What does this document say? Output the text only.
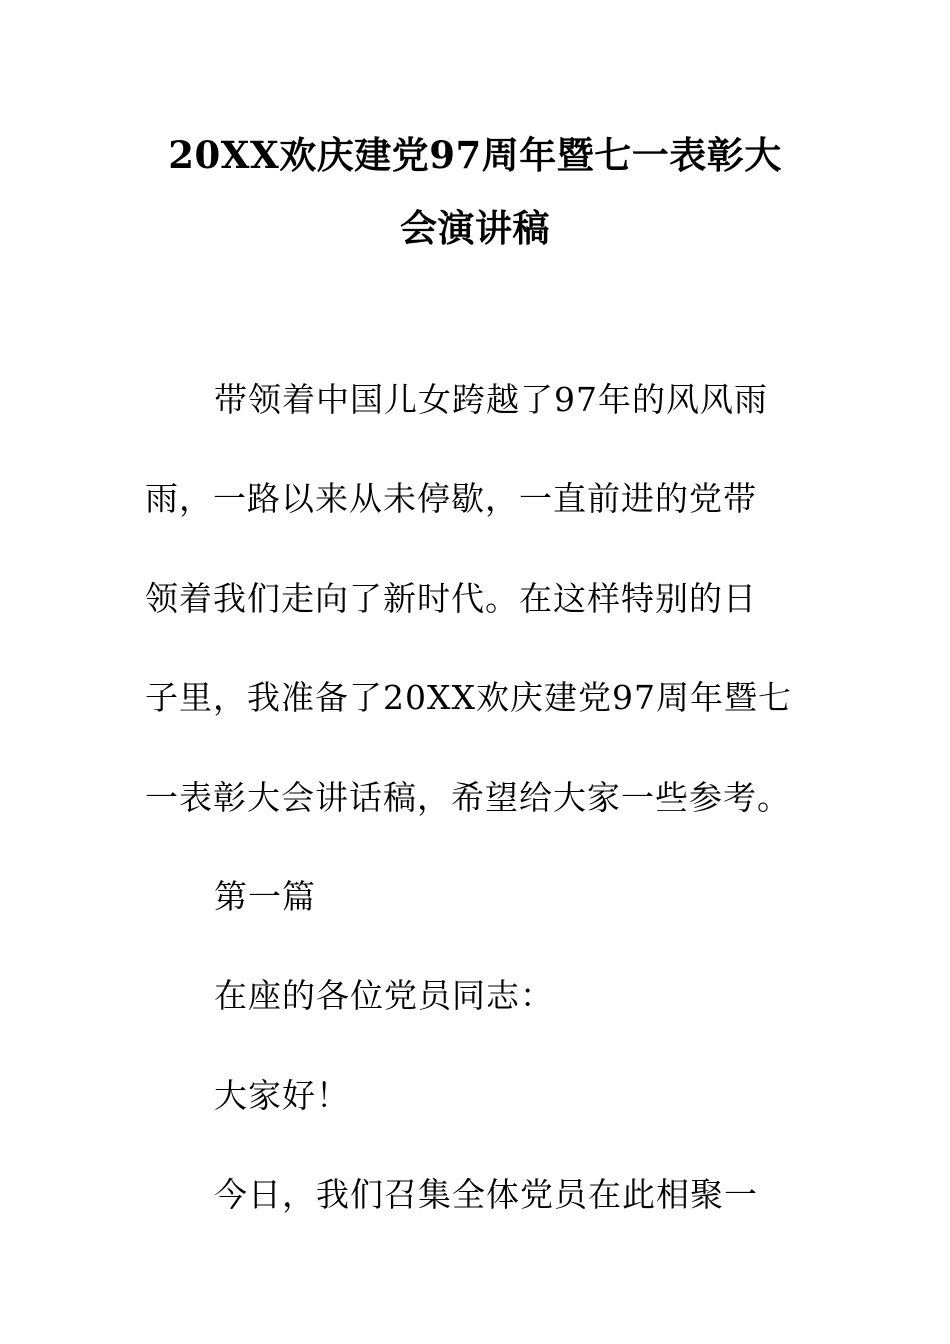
20XX欢庆建党97周年暨七一表彰大
会演讲稿
带领着中国儿女跨越了97年的风风雨
雨，一路以来从未停歇，一直前进的党带
领着我们走向了新时代。在这样特别的日
子里，我准备了20XX欢庆建党97周年暨七
一表彰大会讲话稿，希望给大家一些参考。
第一篇
在座的各位党员同志：
大家好！
今日，我们召集全体党员在此相聚一
